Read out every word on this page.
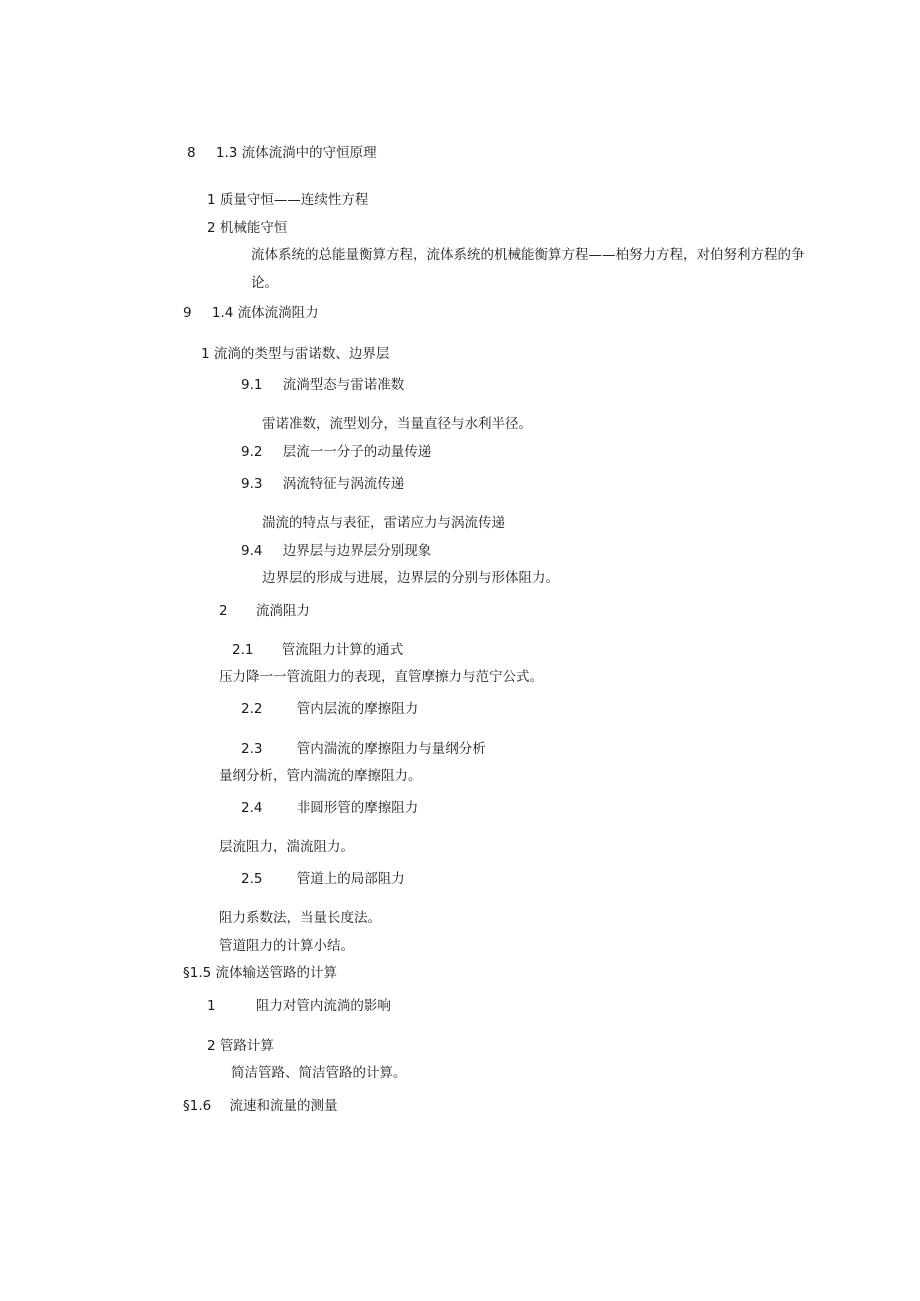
8 1.3 流体流淌中的守恒原理
1 质量守恒——连续性方程
2 机械能守恒
流体系统的总能量衡算方程，流体系统的机械能衡算方程——柏努力方程，对伯努利方程的争
论。
9 1.4 流体流淌阻力
1 流淌的类型与雷诺数、边界层
9.1 流淌型态与雷诺准数
雷诺准数，流型划分，当量直径与水利半径。
9.2 层流一一分子的动量传递
9.3 涡流特征与涡流传递
湍流的特点与表征，雷诺应力与涡流传递
9.4 边界层与边界层分别现象
边界层的形成与进展，边界层的分别与形体阻力。
2 流淌阻力
2.1 管流阻力计算的通式
压力降一一管流阻力的表现，直管摩擦力与范宁公式。
2.2	管内层流的摩擦阻力
2.3	管内湍流的摩擦阻力与量纲分析
量纲分析，管内湍流的摩擦阻力。
2.4	非圆形管的摩擦阻力
层流阻力，湍流阻力。
2.5	管道上的局部阻力
阻力系数法，当量长度法。
管道阻力的计算小结。
§1.5 流体输送管路的计算
1	阻力对管内流淌的影响
2 管路计算
简洁管路、简洁管路的计算。
§1.6 流速和流量的测量
